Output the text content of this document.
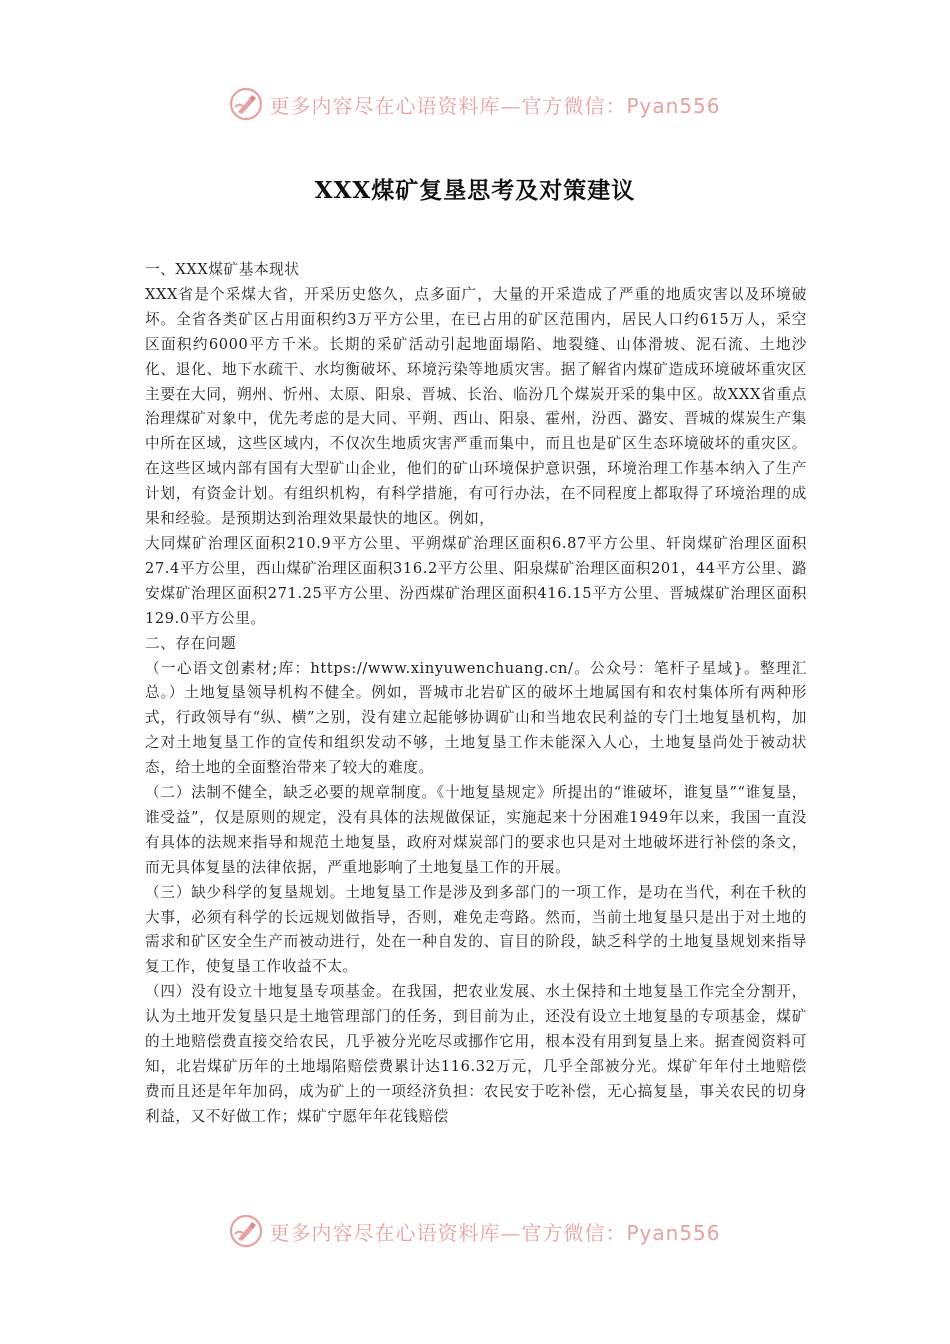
更多内容尽在心语资料库—官方微信：Pyan556
XXX煤矿复垦思考及对策建议

一、XXX煤矿基本现状

XXX省是个采煤大省，开采历史悠久，点多面广，大量的开采造成了严重的地质灾害以及环境破坏。全省各类矿区占用面积约3万平方公里，在已占用的矿区范围内，居民人口约615万人，采空区面积约6000平方千米。长期的采矿活动引起地面塌陷、地裂缝、山体滑坡、泥石流、土地沙化、退化、地下水疏干、水均衡破坏、环境污染等地质灾害。据了解省内煤矿造成环境破坏重灾区主要在大同，朔州、忻州、太原、阳泉、晋城、长治、临汾几个煤炭开采的集中区。故XXX省重点治理煤矿对象中，优先考虑的是大同、平朔、西山、阳泉、霍州，汾西、潞安、晋城的煤炭生产集中所在区域，这些区域内，不仅次生地质灾害严重而集中，而且也是矿区生态环境破坏的重灾区。在这些区域内部有国有大型矿山企业，他们的矿山环境保护意识强，环境治理工作基本纳入了生产计划，有资金计划。有组织机构，有科学措施，有可行办法，在不同程度上都取得了环境治理的成果和经验。是预期达到治理效果最快的地区。例如，

大同煤矿治理区面积210.9平方公里、平朔煤矿治理区面积6.87平方公里、轩岗煤矿治理区面积27.4平方公里，西山煤矿治理区面积316.2平方公里、阳泉煤矿治理区面积201，44平方公里、潞安煤矿治理区面积271.25平方公里、汾西煤矿治理区面积416.15平方公里、晋城煤矿治理区面积129.0平方公里。

二、存在问题

（一心语文创素材;库：https://www.xinyuwenchuang.cn/。公众号：笔杆子星域}。整理汇总。）土地复垦领导机构不健全。例如，晋城市北岩矿区的破坏土地属国有和农村集体所有两种形式，行政领导有“纵、横”之别，没有建立起能够协调矿山和当地农民利益的专门土地复垦机构，加之对土地复垦工作的宣传和组织发动不够，土地复垦工作未能深入人心，土地复垦尚处于被动状态，给土地的全面整治带来了较大的难度。

（二）法制不健全，缺乏必要的规章制度。《十地复垦规定》所提出的“谁破坏，谁复垦”“谁复垦，谁受益”，仅是原则的规定，没有具体的法规做保证，实施起来十分困难1949年以来，我国一直没有具体的法规来指导和规范土地复垦，政府对煤炭部门的要求也只是对土地破坏进行补偿的条文，而无具体复垦的法律依据，严重地影响了土地复垦工作的开展。

（三）缺少科学的复垦规划。土地复垦工作是涉及到多部门的一项工作，是功在当代，利在千秋的大事，必须有科学的长远规划做指导，否则，难免走弯路。然而，当前土地复垦只是出于对土地的需求和矿区安全生产而被动进行，处在一种自发的、盲目的阶段，缺乏科学的土地复垦规划来指导复工作，使复垦工作收益不太。

（四）没有设立十地复垦专项基金。在我国，把农业发展、水土保持和土地复垦工作完全分割开，认为土地开发复垦只是土地管理部门的任务，到目前为止，还没有设立土地复垦的专项基金，煤矿的土地赔偿费直接交给农民，几乎被分光吃尽或挪作它用，根本没有用到复垦上来。据查阅资料可知，北岩煤矿历年的土地塌陷赔偿费累计达116.32万元，几乎全部被分光。煤矿年年付土地赔偿费而且还是年年加码，成为矿上的一项经济负担：农民安于吃补偿，无心搞复垦，事关农民的切身利益，又不好做工作；煤矿宁愿年年花钱赔偿

更多内容尽在心语资料库—官方微信：Pyan556
